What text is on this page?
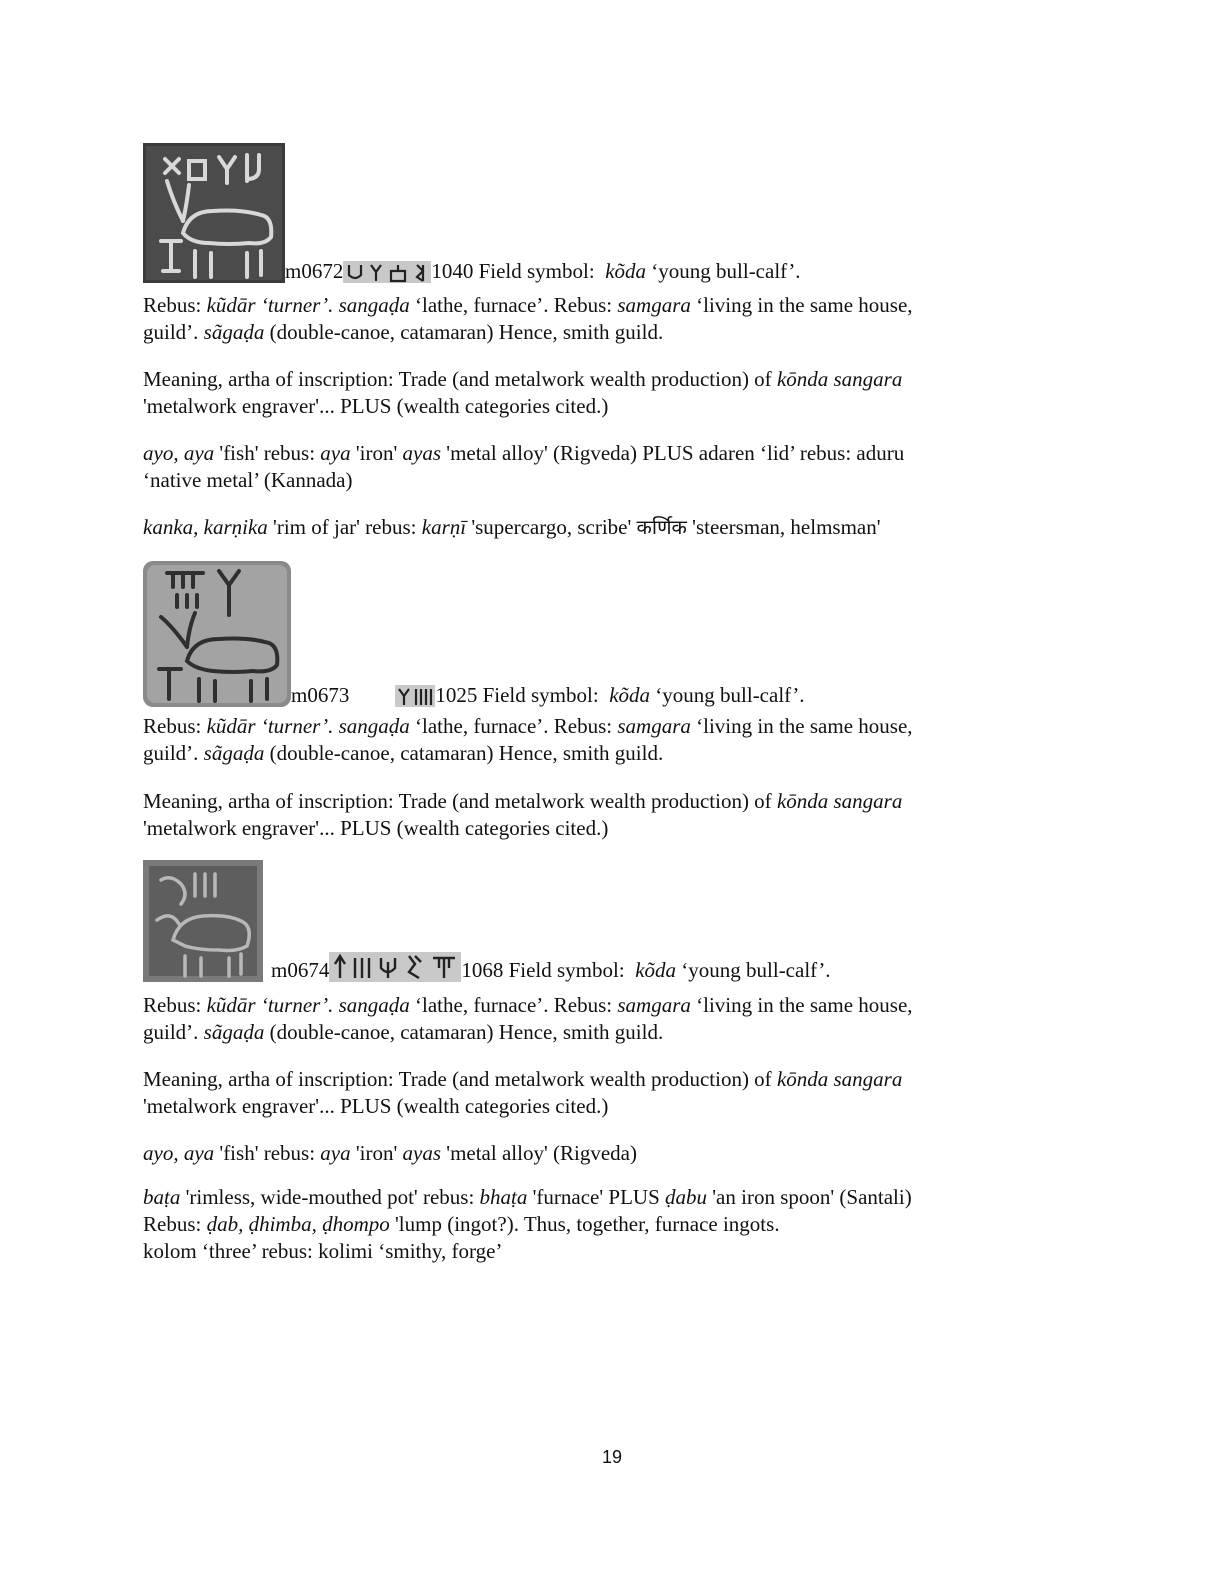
m0672	1040 Field symbol: kõda ‘young bull-calf’.
Rebus: kũdār ‘turner’. sangaḍa ‘lathe, furnace’. Rebus: samgara ‘living in the same house,
guild’. sãgaḍa (double-canoe, catamaran) Hence, smith guild.
Meaning, artha of inscription: Trade (and metalwork wealth production) of kōnda sangara
'metalwork engraver'... PLUS (wealth categories cited.)
ayo, aya 'fish' rebus: aya 'iron' ayas 'metal alloy' (Rigveda) PLUS adaren ‘lid’ rebus: aduru
‘native metal’ (Kannada)
kanka, karṇika 'rim of jar' rebus: karṇī 'supercargo, scribe' कर्णिक 'steersman, helmsman'
m0673	1025 Field symbol: kõda ‘young bull-calf’.
Rebus: kũdār ‘turner’. sangaḍa ‘lathe, furnace’. Rebus: samgara ‘living in the same house,
guild’. sãgaḍa (double-canoe, catamaran) Hence, smith guild.
Meaning, artha of inscription: Trade (and metalwork wealth production) of kōnda sangara
'metalwork engraver'... PLUS (wealth categories cited.)
m0674	1068 Field symbol: kõda ‘young bull-calf’.
Rebus: kũdār ‘turner’. sangaḍa ‘lathe, furnace’. Rebus: samgara ‘living in the same house,
guild’. sãgaḍa (double-canoe, catamaran) Hence, smith guild.
Meaning, artha of inscription: Trade (and metalwork wealth production) of kōnda sangara
'metalwork engraver'... PLUS (wealth categories cited.)
ayo, aya 'fish' rebus: aya 'iron' ayas 'metal alloy' (Rigveda)
baṭa 'rimless, wide-mouthed pot' rebus: bhaṭa 'furnace' PLUS ḍabu 'an iron spoon' (Santali)
Rebus: ḍab, ḍhimba, ḍhompo 'lump (ingot?). Thus, together, furnace ingots.
kolom ‘three’ rebus: kolimi ‘smithy, forge’
19
